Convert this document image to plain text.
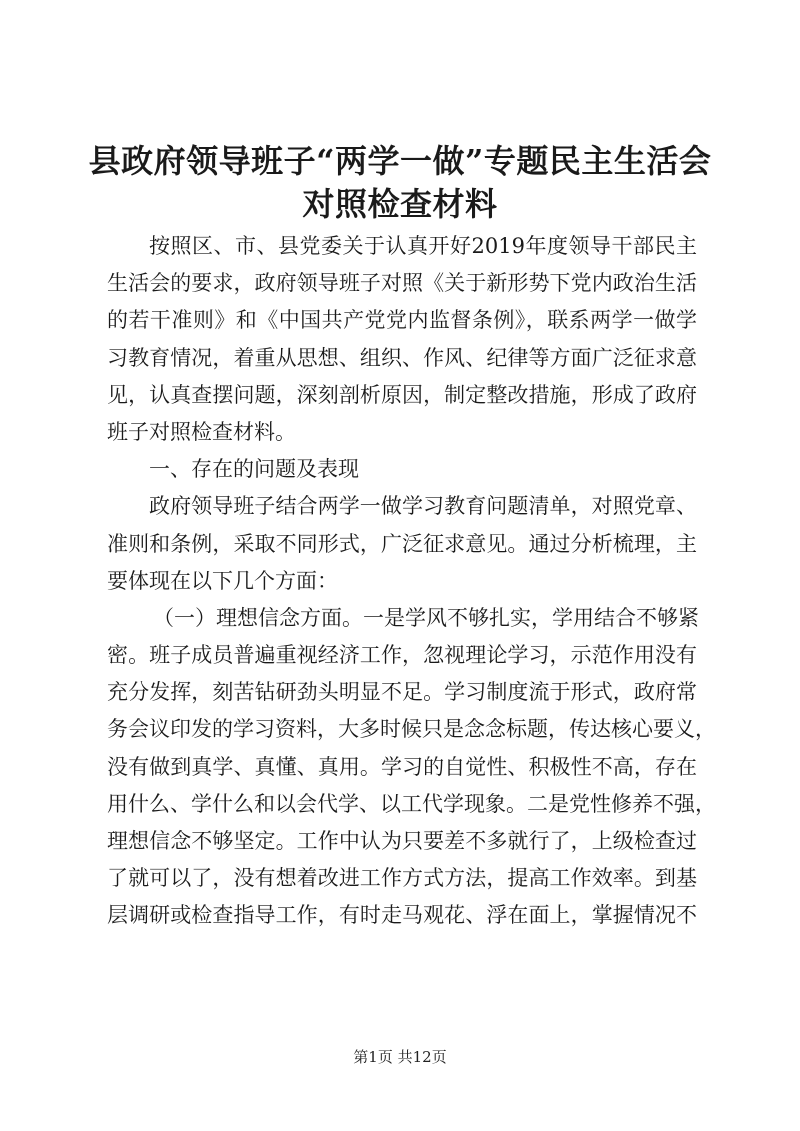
县政府领导班子“两学一做”专题民主生活会
对照检查材料
按照区、市、县党委关于认真开好2019年度领导干部民主
生活会的要求，政府领导班子对照《关于新形势下党内政治生活
的若干准则》和《中国共产党党内监督条例》，联系两学一做学
习教育情况，着重从思想、组织、作风、纪律等方面广泛征求意
见，认真查摆问题，深刻剖析原因，制定整改措施，形成了政府
班子对照检查材料。
一、存在的问题及表现
政府领导班子结合两学一做学习教育问题清单，对照党章、
准则和条例，采取不同形式，广泛征求意见。通过分析梳理，主
要体现在以下几个方面：
（一）理想信念方面。一是学风不够扎实，学用结合不够紧
密。班子成员普遍重视经济工作，忽视理论学习，示范作用没有
充分发挥，刻苦钻研劲头明显不足。学习制度流于形式，政府常
务会议印发的学习资料，大多时候只是念念标题，传达核心要义，
没有做到真学、真懂、真用。学习的自觉性、积极性不高，存在
用什么、学什么和以会代学、以工代学现象。二是党性修养不强，
理想信念不够坚定。工作中认为只要差不多就行了，上级检查过
了就可以了，没有想着改进工作方式方法，提高工作效率。到基
层调研或检查指导工作，有时走马观花、浮在面上，掌握情况不
第1页 共12页
